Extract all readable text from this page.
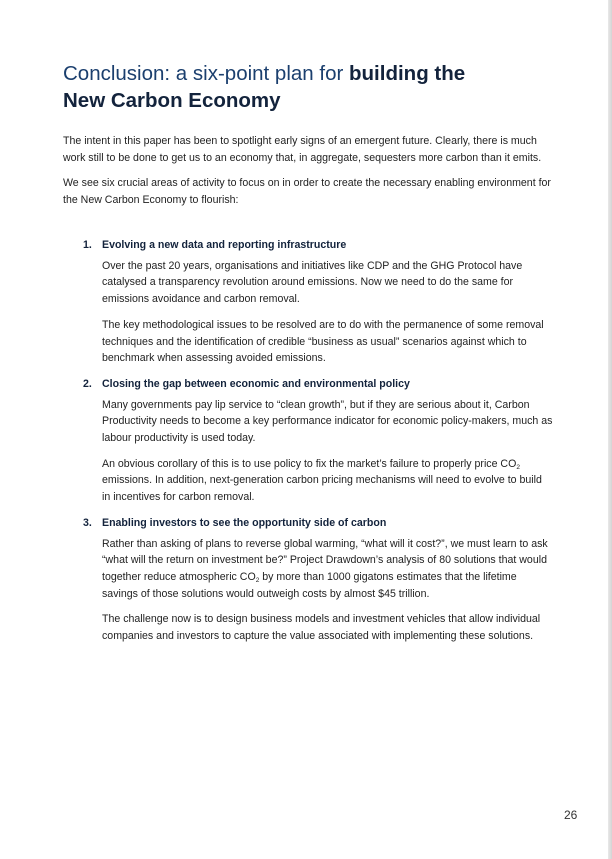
Conclusion: a six-point plan for building the
New Carbon Economy

The intent in this paper has been to spotlight early signs of an emergent future. Clearly, there is much work still to be done to get us to an economy that, in aggregate, sequesters more carbon than it emits.

We see six crucial areas of activity to focus on in order to create the necessary enabling environment for the New Carbon Economy to flourish:

1. Evolving a new data and reporting infrastructure

Over the past 20 years, organisations and initiatives like CDP and the GHG Protocol have catalysed a transparency revolution around emissions. Now we need to do the same for emissions avoidance and carbon removal.

The key methodological issues to be resolved are to do with the permanence of some removal techniques and the identification of credible “business as usual” scenarios against which to benchmark when assessing avoided emissions.

2. Closing the gap between economic and environmental policy

Many governments pay lip service to “clean growth”, but if they are serious about it, Carbon Productivity needs to become a key performance indicator for economic policy-makers, much as labour productivity is used today.

An obvious corollary of this is to use policy to fix the market’s failure to properly price $CO_2$ emissions. In addition, next-generation carbon pricing mechanisms will need to evolve to build in incentives for carbon removal.

3. Enabling investors to see the opportunity side of carbon

Rather than asking of plans to reverse global warming, “what will it cost?”, we must learn to ask “what will the return on investment be?” Project Drawdown’s analysis of 80 solutions that would together reduce atmospheric $CO_2$ by more than 1000 gigatons estimates that the lifetime savings of those solutions would outweigh costs by almost $45 trillion.

The challenge now is to design business models and investment vehicles that allow individual companies and investors to capture the value associated with implementing these solutions.

26
